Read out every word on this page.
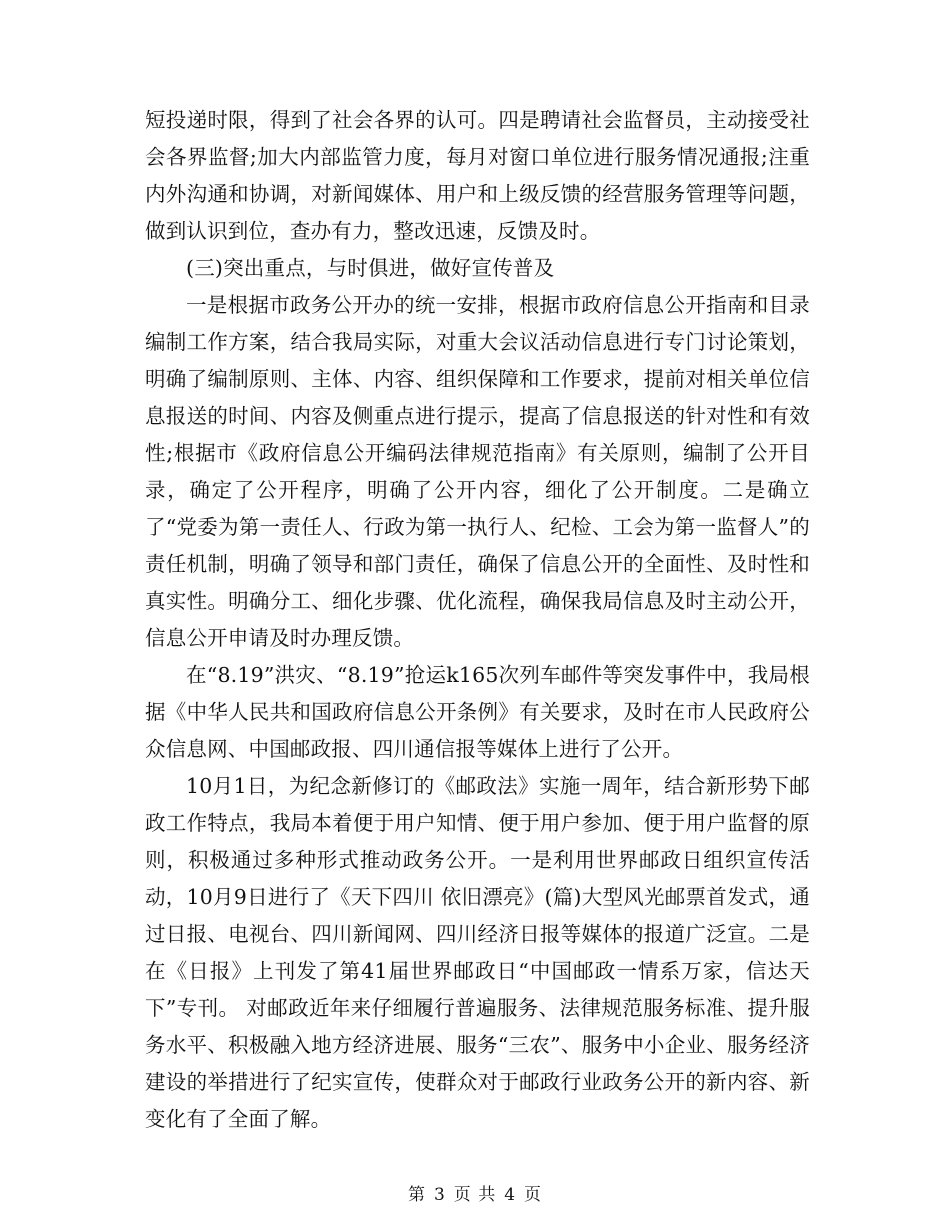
短投递时限，得到了社会各界的认可。四是聘请社会监督员，主动接受社会各界监督;加大内部监管力度，每月对窗口单位进行服务情况通报;注重内外沟通和协调，对新闻媒体、用户和上级反馈的经营服务管理等问题，做到认识到位，查办有力，整改迅速，反馈及时。

(三)突出重点，与时俱进，做好宣传普及

一是根据市政务公开办的统一安排，根据市政府信息公开指南和目录编制工作方案，结合我局实际，对重大会议活动信息进行专门讨论策划，明确了编制原则、主体、内容、组织保障和工作要求，提前对相关单位信息报送的时间、内容及侧重点进行提示，提高了信息报送的针对性和有效性;根据市《政府信息公开编码法律规范指南》有关原则，编制了公开目录，确定了公开程序，明确了公开内容，细化了公开制度。二是确立了“党委为第一责任人、行政为第一执行人、纪检、工会为第一监督人”的责任机制，明确了领导和部门责任，确保了信息公开的全面性、及时性和真实性。明确分工、细化步骤、优化流程，确保我局信息及时主动公开，信息公开申请及时办理反馈。

在“8.19”洪灾、“8.19”抢运k165次列车邮件等突发事件中，我局根据《中华人民共和国政府信息公开条例》有关要求，及时在市人民政府公众信息网、中国邮政报、四川通信报等媒体上进行了公开。

10月1日，为纪念新修订的《邮政法》实施一周年，结合新形势下邮政工作特点，我局本着便于用户知情、便于用户参加、便于用户监督的原则，积极通过多种形式推动政务公开。一是利用世界邮政日组织宣传活动，10月9日进行了《天下四川 依旧漂亮》(篇)大型风光邮票首发式，通过日报、电视台、四川新闻网、四川经济日报等媒体的报道广泛宣。二是在《日报》上刊发了第41届世界邮政日“中国邮政一情系万家，信达天下”专刊。 对邮政近年来仔细履行普遍服务、法律规范服务标准、提升服务水平、积极融入地方经济进展、服务“三农”、服务中小企业、服务经济建设的举措进行了纪实宣传，使群众对于邮政行业政务公开的新内容、新变化有了全面了解。

第 3 页 共 4 页
